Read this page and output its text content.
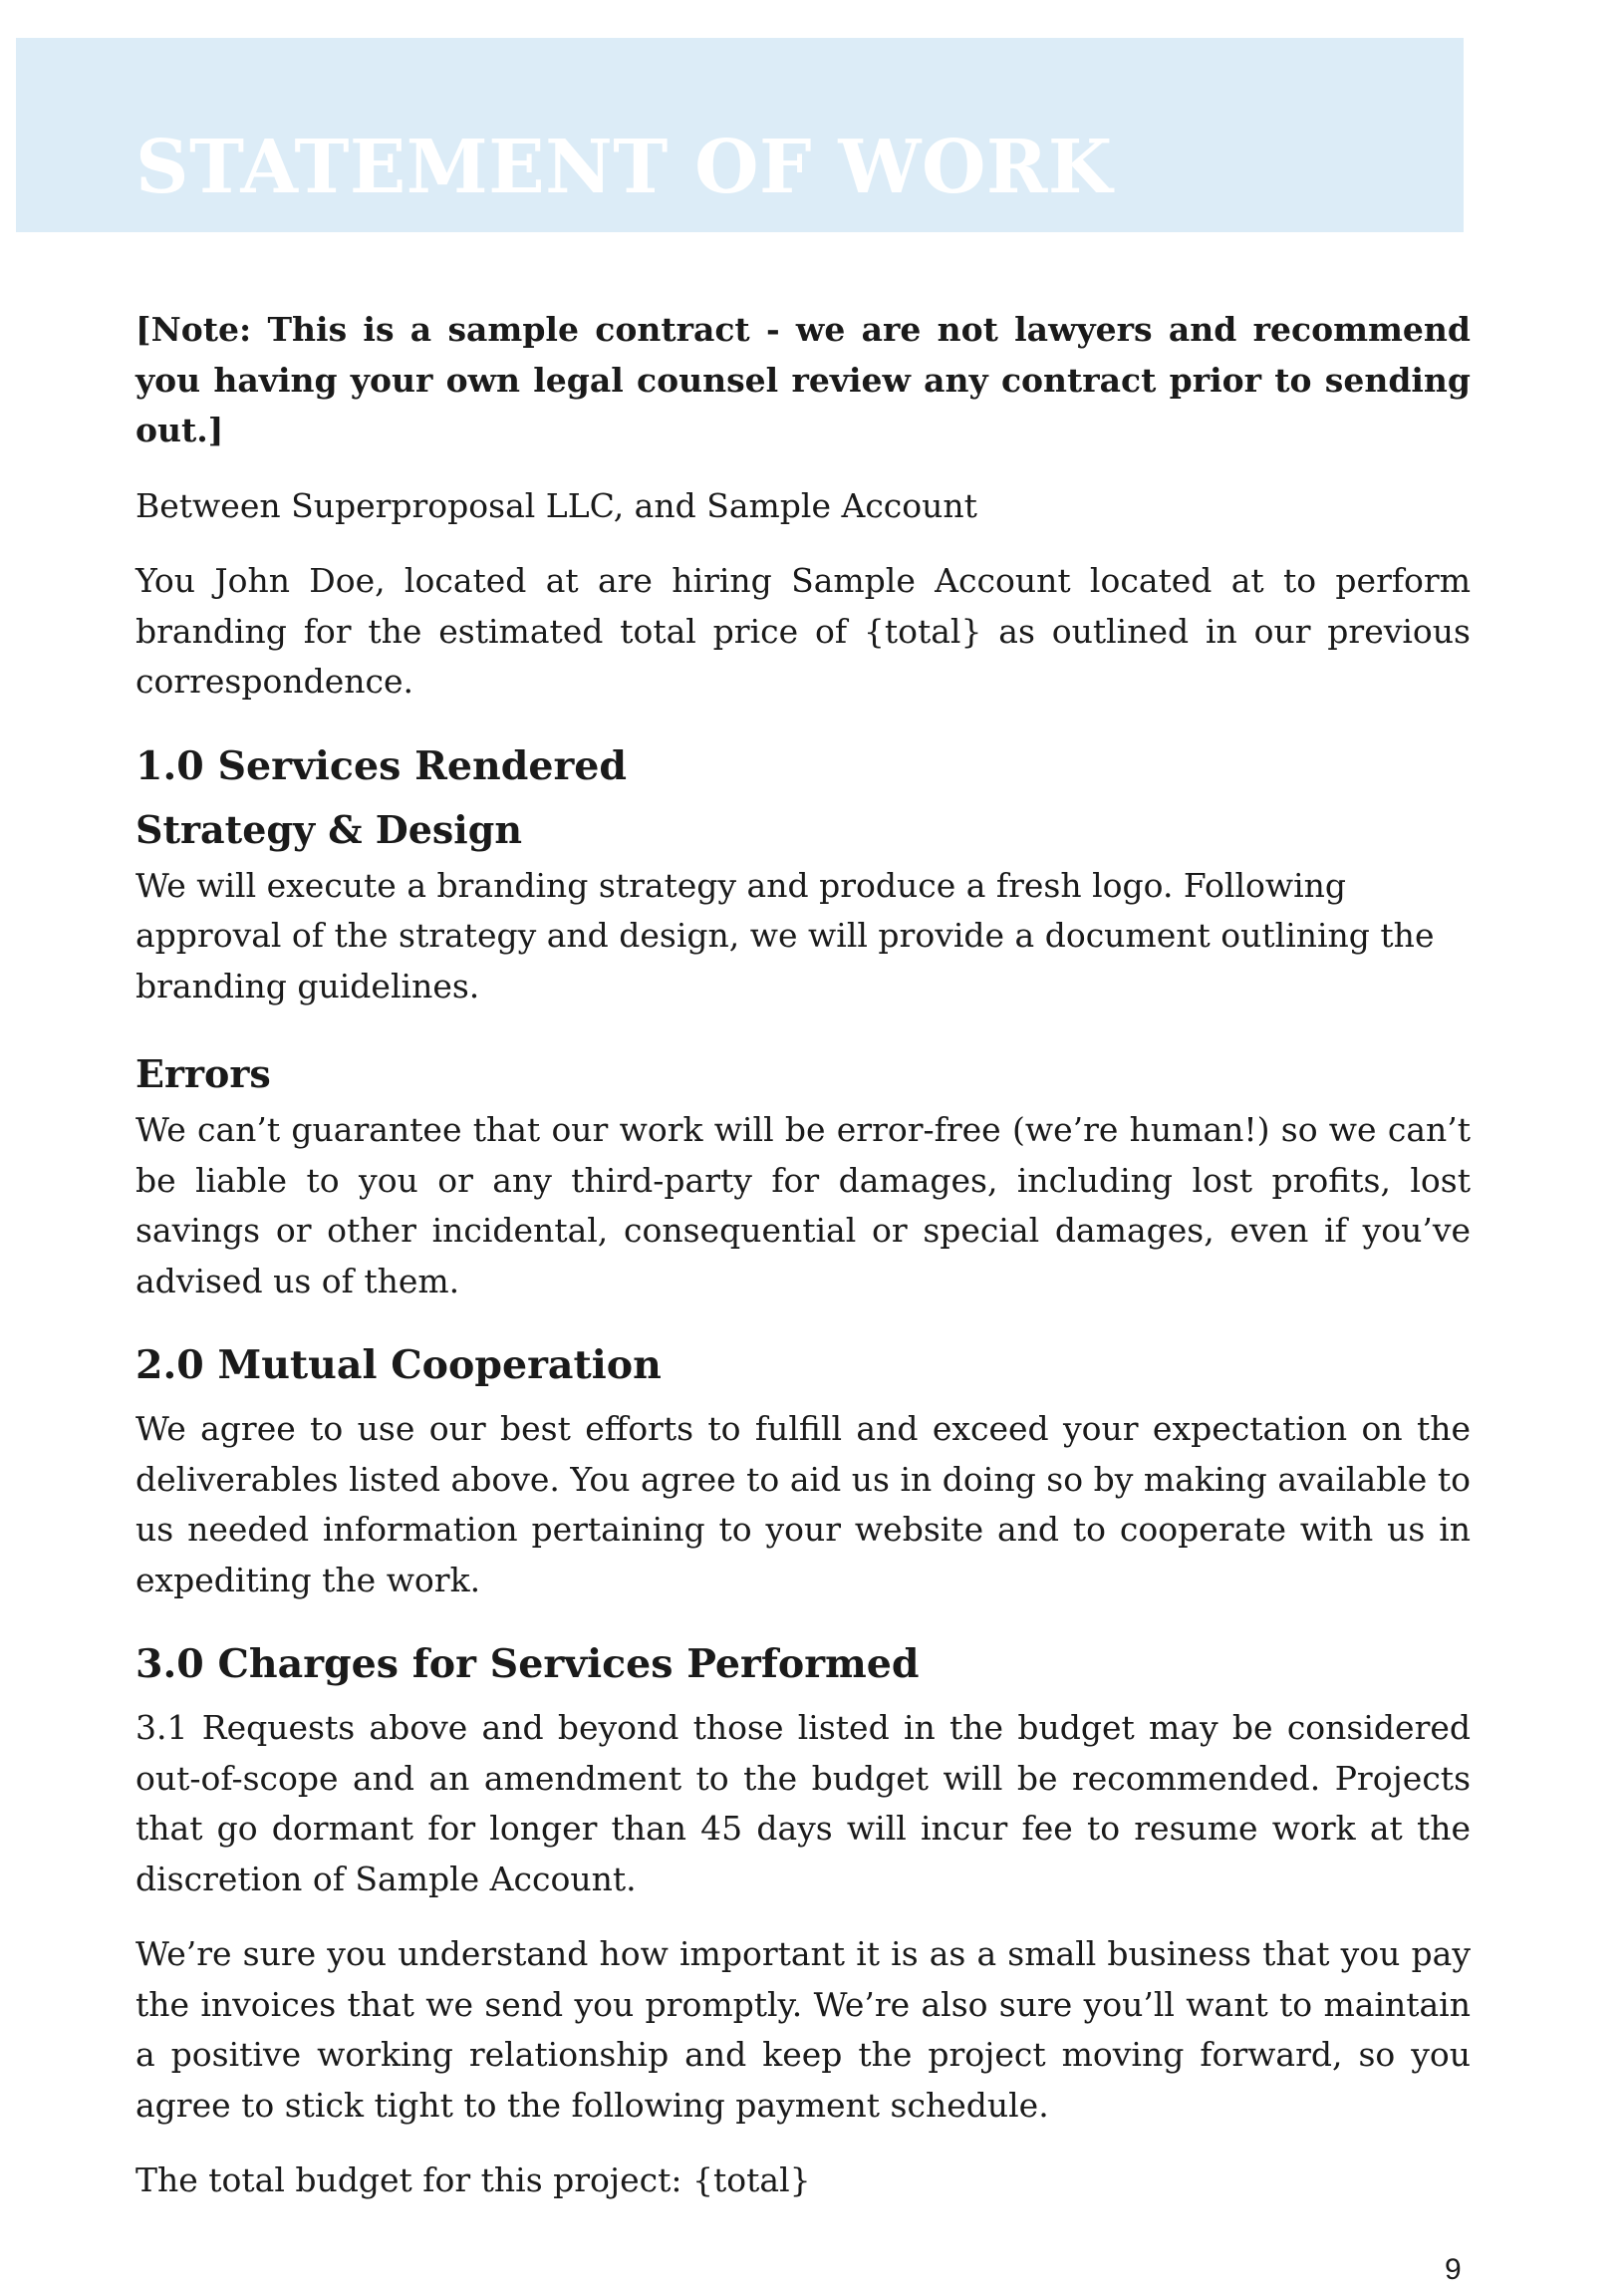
STATEMENT OF WORK CONTRACT

[Note: This is a sample contract - we are not lawyers and recommend you having your own legal counsel review any contract prior to sending out.]

Between Superproposal LLC, and Sample Account

You John Doe, located at are hiring Sample Account located at to perform branding for the estimated total price of {total} as outlined in our previous correspondence.

1.0 Services Rendered
Strategy & Design

We will execute a branding strategy and produce a fresh logo. Following approval of the strategy and design, we will provide a document outlining the branding guidelines.

Errors

We can’t guarantee that our work will be error-free (we’re human!) so we can’t be liable to you or any third-party for damages, including lost profits, lost savings or other incidental, consequential or special damages, even if you’ve advised us of them.

2.0 Mutual Cooperation

We agree to use our best efforts to fulfill and exceed your expectation on the deliverables listed above. You agree to aid us in doing so by making available to us needed information pertaining to your website and to cooperate with us in expediting the work.

3.0 Charges for Services Performed

3.1 Requests above and beyond those listed in the budget may be considered out-of-scope and an amendment to the budget will be recommended. Projects that go dormant for longer than 45 days will incur fee to resume work at the discretion of Sample Account.

We’re sure you understand how important it is as a small business that you pay the invoices that we send you promptly. We’re also sure you’ll want to maintain a positive working relationship and keep the project moving forward, so you agree to stick tight to the following payment schedule.

The total budget for this project: {total}

9
